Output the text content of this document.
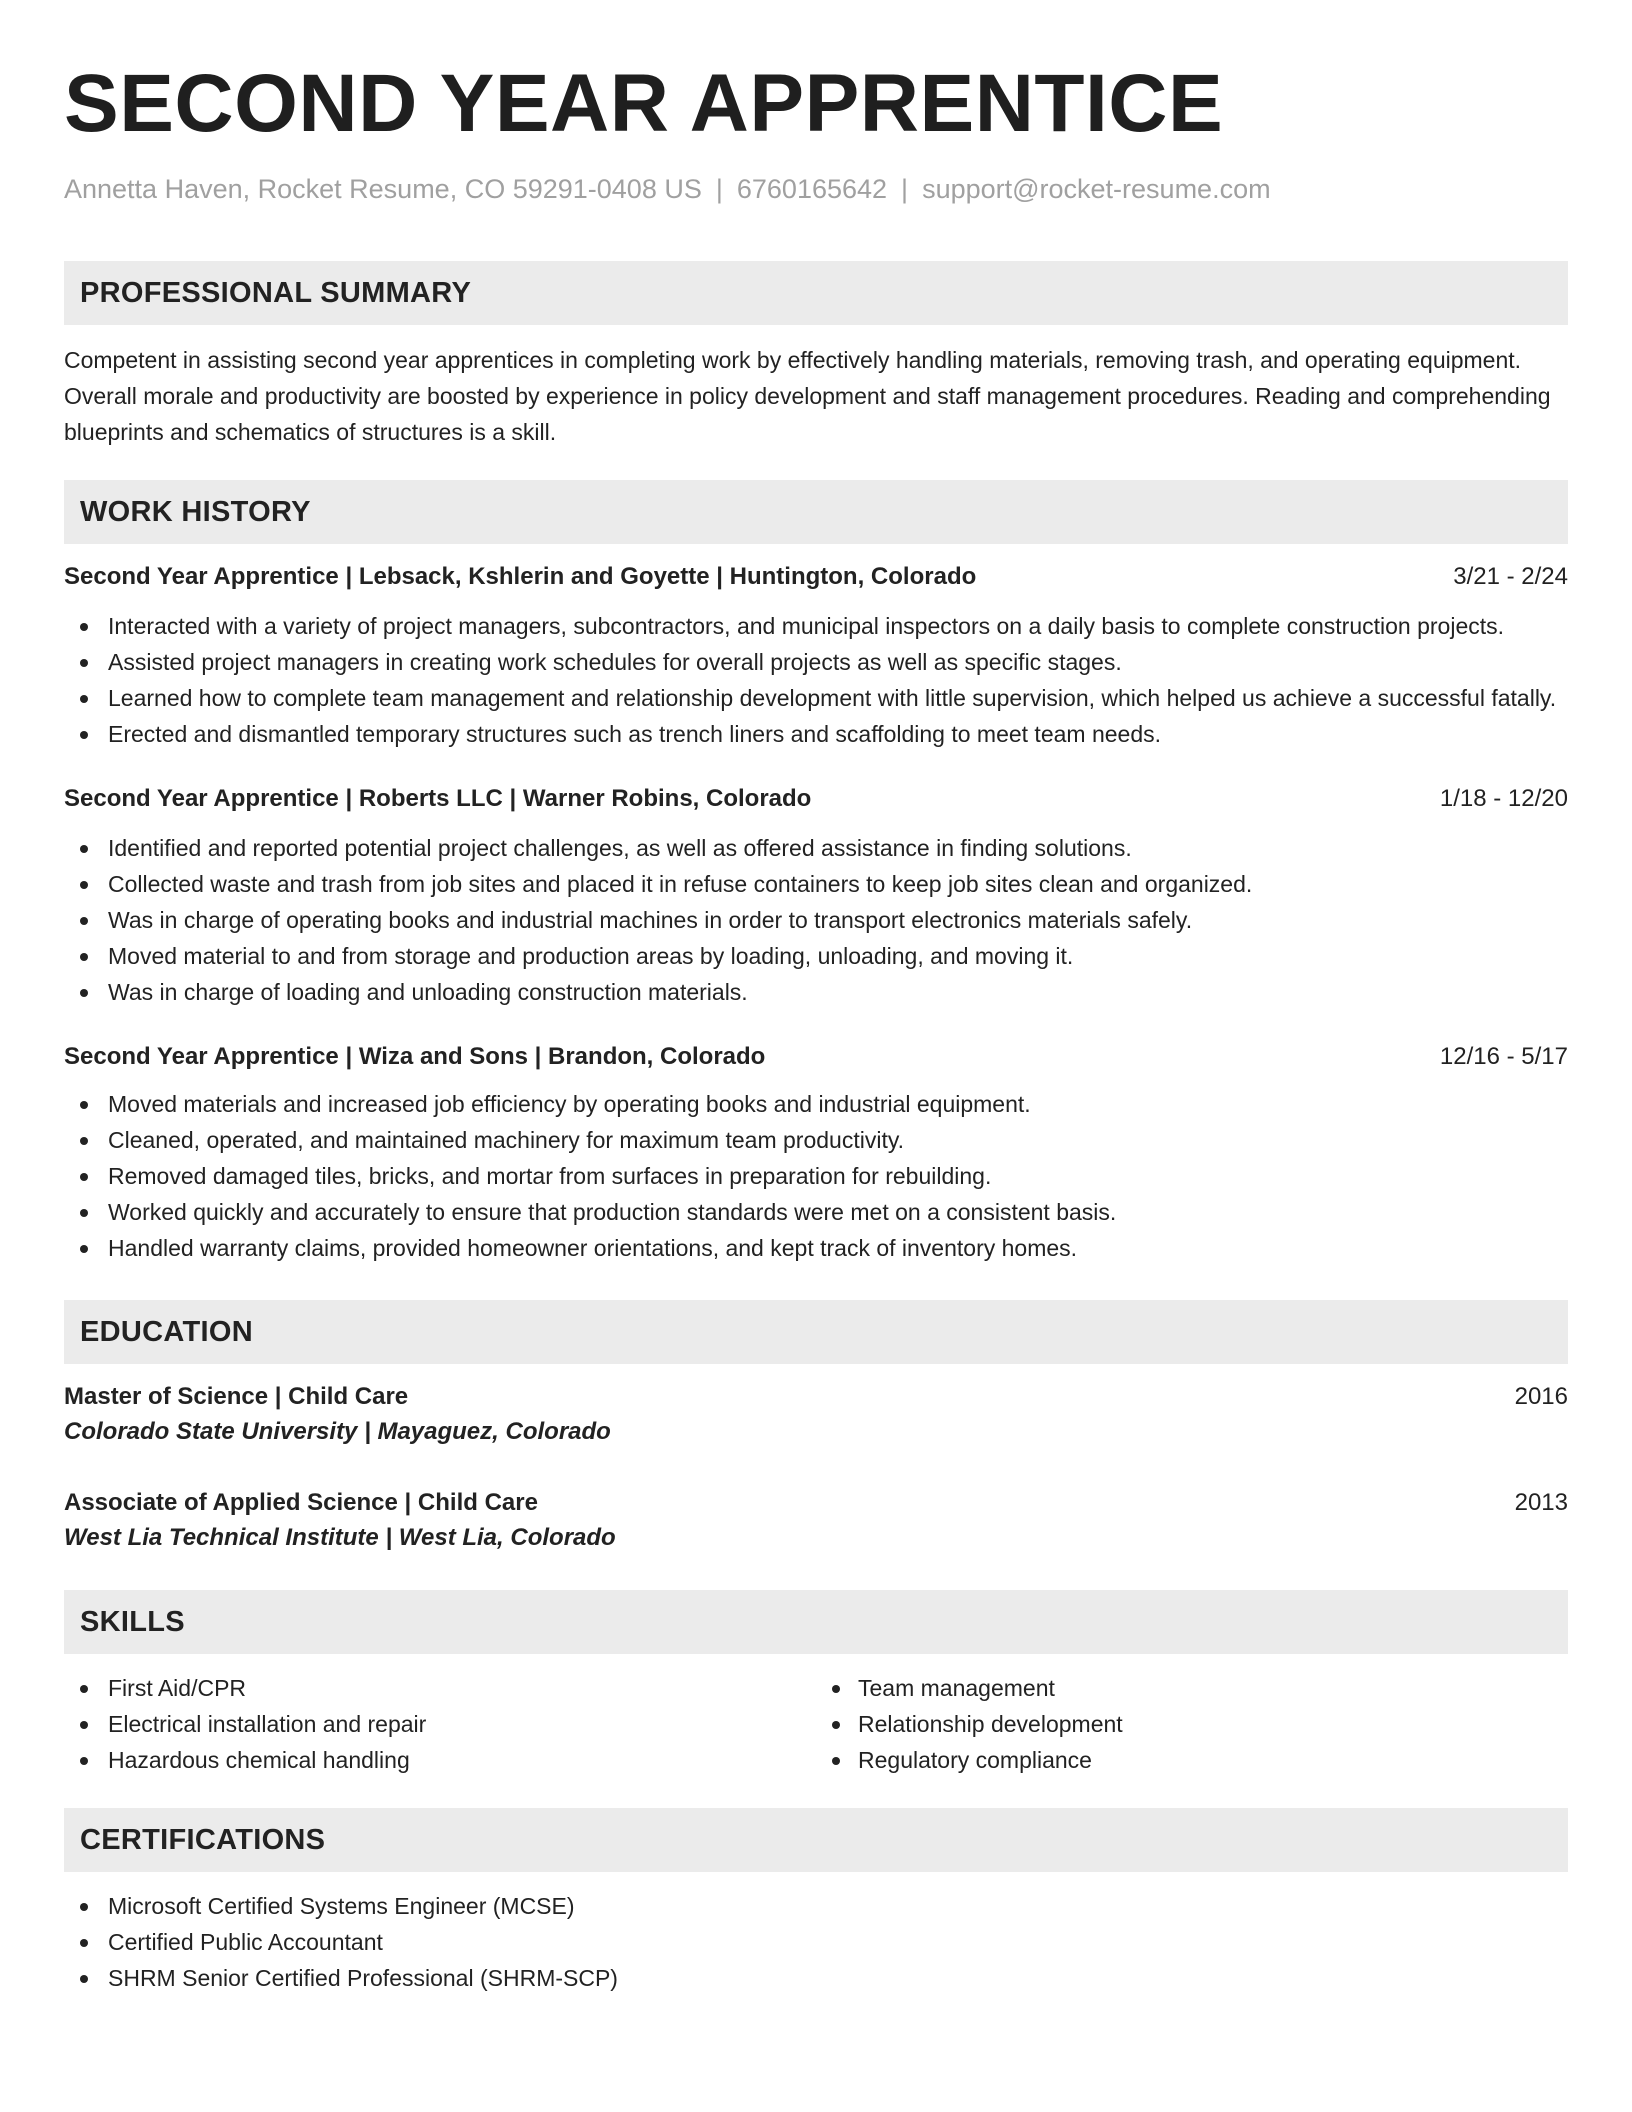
SECOND YEAR APPRENTICE
Annetta Haven, Rocket Resume, CO 59291-0408 US | 6760165642 | support@rocket-resume.com
PROFESSIONAL SUMMARY

Competent in assisting second year apprentices in completing work by effectively handling materials, removing trash, and operating equipment. Overall morale and productivity are boosted by experience in policy development and staff management procedures. Reading and comprehending blueprints and schematics of structures is a skill.

WORK HISTORY
Second Year Apprentice | Lebsack, Kshlerin and Goyette | Huntington, Colorado	3/21 - 2/24
Interacted with a variety of project managers, subcontractors, and municipal inspectors on a daily basis to complete construction projects.
Assisted project managers in creating work schedules for overall projects as well as specific stages.
Learned how to complete team management and relationship development with little supervision, which helped us achieve a successful fatally.
Erected and dismantled temporary structures such as trench liners and scaffolding to meet team needs.
Second Year Apprentice | Roberts LLC | Warner Robins, Colorado	1/18 - 12/20
Identified and reported potential project challenges, as well as offered assistance in finding solutions.
Collected waste and trash from job sites and placed it in refuse containers to keep job sites clean and organized.
Was in charge of operating books and industrial machines in order to transport electronics materials safely.
Moved material to and from storage and production areas by loading, unloading, and moving it.
Was in charge of loading and unloading construction materials.
Second Year Apprentice | Wiza and Sons | Brandon, Colorado	12/16 - 5/17
Moved materials and increased job efficiency by operating books and industrial equipment.
Cleaned, operated, and maintained machinery for maximum team productivity.
Removed damaged tiles, bricks, and mortar from surfaces in preparation for rebuilding.
Worked quickly and accurately to ensure that production standards were met on a consistent basis.
Handled warranty claims, provided homeowner orientations, and kept track of inventory homes.
EDUCATION
Master of Science | Child Care	2016
Colorado State University | Mayaguez, Colorado
Associate of Applied Science | Child Care	2013
West Lia Technical Institute | West Lia, Colorado
SKILLS
First Aid/CPR
Electrical installation and repair
Hazardous chemical handling
Team management
Relationship development
Regulatory compliance
CERTIFICATIONS
Microsoft Certified Systems Engineer (MCSE)
Certified Public Accountant
SHRM Senior Certified Professional (SHRM-SCP)
